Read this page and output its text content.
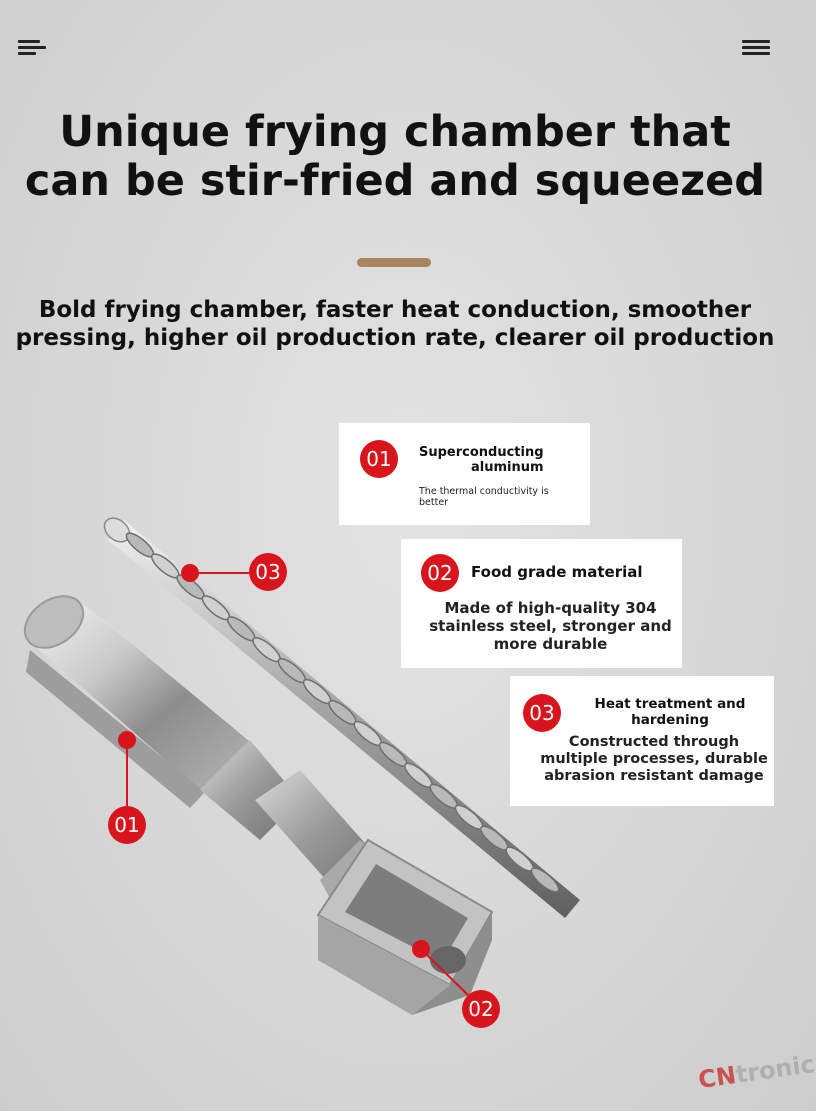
Unique frying chamber that
can be stir-fried and squeezed
Bold frying chamber, faster heat conduction, smoother
pressing, higher oil production rate, clearer oil production
03
01
02
01	Superconducting
aluminum
The thermal conductivity is
better
02	Food grade material
Made of high-quality 304
stainless steel, stronger and
more durable
03	Heat treatment and
hardening
Constructed through
multiple processes, durable
abrasion resistant damage
CNtronic
